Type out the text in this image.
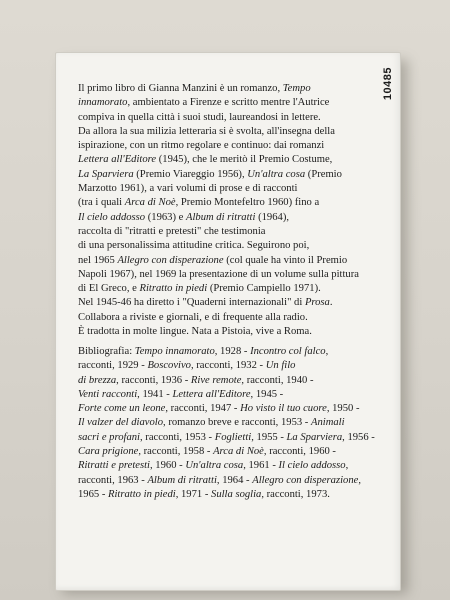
10485
Il primo libro di Gianna Manzini è un romanzo, Tempo
innamorato, ambientato a Firenze e scritto mentre l'Autrice
compiva in quella città i suoi studi, laureandosi in lettere.
Da allora la sua milizia letteraria si è svolta, all'insegna della
ispirazione, con un ritmo regolare e continuo: dai romanzi
Lettera all'Editore (1945), che le meritò il Premio Costume,
La Sparviera (Premio Viareggio 1956), Un'altra cosa (Premio
Marzotto 1961), a vari volumi di prose e di racconti
(tra i quali Arca di Noè, Premio Montefeltro 1960) fino a
Il cielo addosso (1963) e Album di ritratti (1964),
raccolta di "ritratti e pretesti" che testimonia
di una personalissima attitudine critica. Seguirono poi,
nel 1965 Allegro con disperazione (col quale ha vinto il Premio
Napoli 1967), nel 1969 la presentazione di un volume sulla pittura
di El Greco, e Ritratto in piedi (Premio Campiello 1971).
Nel 1945-46 ha diretto i "Quaderni internazionali" di Prosa.
Collabora a riviste e giornali, e di frequente alla radio.
È tradotta in molte lingue. Nata a Pistoia, vive a Roma.
Bibliografia: Tempo innamorato, 1928 - Incontro col falco,
racconti, 1929 - Boscovivo, racconti, 1932 - Un filo
di brezza, racconti, 1936 - Rive remote, racconti, 1940 -
Venti racconti, 1941 - Lettera all'Editore, 1945 -
Forte come un leone, racconti, 1947 - Ho visto il tuo cuore, 1950 -
Il valzer del diavolo, romanzo breve e racconti, 1953 - Animali
sacri e profani, racconti, 1953 - Foglietti, 1955 - La Sparviera, 1956 -
Cara prigione, racconti, 1958 - Arca di Noè, racconti, 1960 -
Ritratti e pretesti, 1960 - Un'altra cosa, 1961 - Il cielo addosso,
racconti, 1963 - Album di ritratti, 1964 - Allegro con disperazione,
1965 - Ritratto in piedi, 1971 - Sulla soglia, racconti, 1973.
